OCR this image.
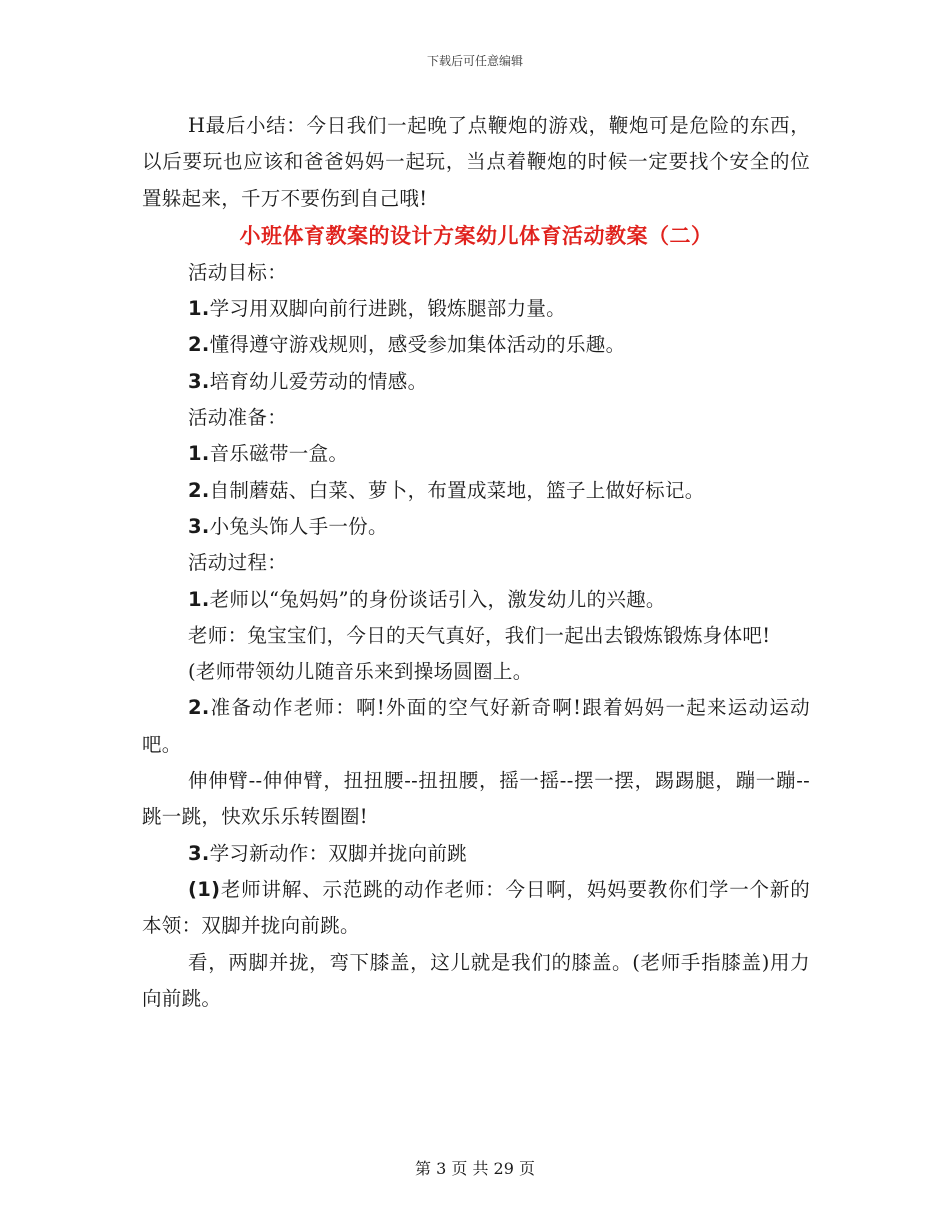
下载后可任意编辑

H最后小结：今日我们一起晚了点鞭炮的游戏，鞭炮可是危险的东西，以后要玩也应该和爸爸妈妈一起玩，当点着鞭炮的时候一定要找个安全的位置躲起来，千万不要伤到自己哦!

小班体育教案的设计方案幼儿体育活动教案（二）

活动目标：

1.学习用双脚向前行进跳，锻炼腿部力量。

2.懂得遵守游戏规则，感受参加集体活动的乐趣。

3.培育幼儿爱劳动的情感。

活动准备：

1.音乐磁带一盒。

2.自制蘑菇、白菜、萝卜，布置成菜地，篮子上做好标记。

3.小兔头饰人手一份。

活动过程：

1.老师以“兔妈妈”的身份谈话引入，激发幼儿的兴趣。

老师：兔宝宝们，今日的天气真好，我们一起出去锻炼锻炼身体吧!

(老师带领幼儿随音乐来到操场圆圈上。

2.准备动作老师：啊!外面的空气好新奇啊!跟着妈妈一起来运动运动吧。

伸伸臂--伸伸臂，扭扭腰--扭扭腰，摇一摇--摆一摆，踢踢腿，蹦一蹦--跳一跳，快欢乐乐转圈圈!

3.学习新动作：双脚并拢向前跳

(1)老师讲解、示范跳的动作老师：今日啊，妈妈要教你们学一个新的本领：双脚并拢向前跳。

看，两脚并拢，弯下膝盖，这儿就是我们的膝盖。(老师手指膝盖)用力向前跳。

第 3 页 共 29 页
